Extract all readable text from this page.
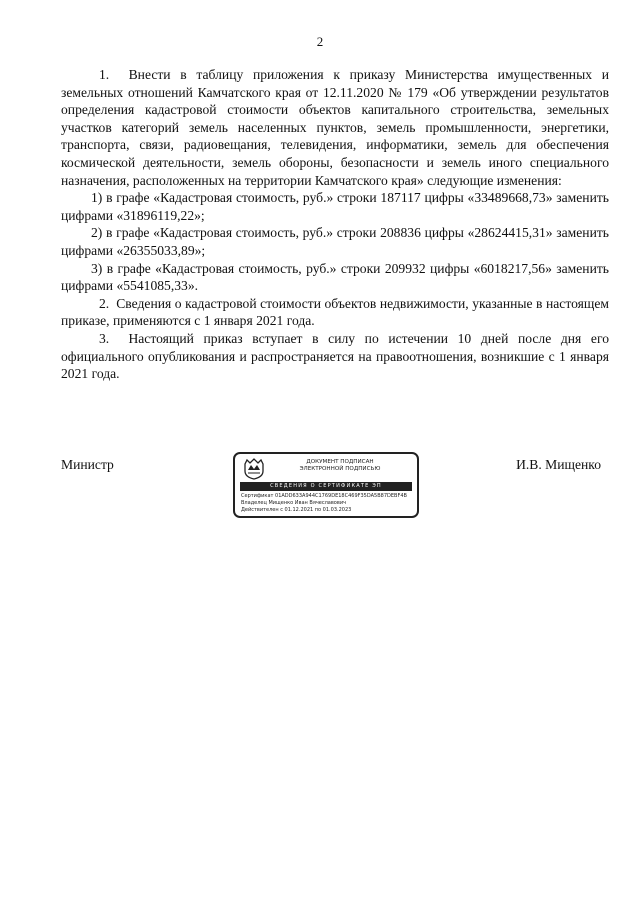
2

1.  Внести в таблицу приложения к приказу Министерства имущественных и земельных отношений Камчатского края от 12.11.2020 № 179 «Об утверждении результатов определения кадастровой стоимости объектов капитального строительства, земельных участков категорий земель населенных пунктов, земель промышленности, энергетики, транспорта, связи, радиовещания, телевидения, информатики, земель для обеспечения космической деятельности, земель обороны, безопасности и земель иного специального назначения, расположенных на территории Камчатского края» следующие изменения:

1) в графе «Кадастровая стоимость, руб.» строки 187117 цифры «33489668,73» заменить цифрами «31896119,22»;

2) в графе «Кадастровая стоимость, руб.» строки 208836 цифры «28624415,31» заменить цифрами «26355033,89»;

3) в графе «Кадастровая стоимость, руб.» строки 209932 цифры «6018217,56» заменить цифрами «5541085,33».

2.  Сведения о кадастровой стоимости объектов недвижимости, указанные в настоящем приказе, применяются с 1 января 2021 года.

3.  Настоящий приказ вступает в силу по истечении 10 дней после дня его официального опубликования и распространяется на правоотношения, возникшие с 1 января 2021 года.

Министр	ДОКУМЕНТ ПОДПИСАН
ЭЛЕКТРОННОЙ ПОДПИСЬЮ
СВЕДЕНИЯ О СЕРТИФИКАТЕ ЭП
Сертификат 01ADD633A944C1769DE18C469F35DA5B87DEBF4B
Владелец Мищенко Иван Вячеславович
Действителен с 01.12.2021 по 01.03.2023
И.В. Мищенко
